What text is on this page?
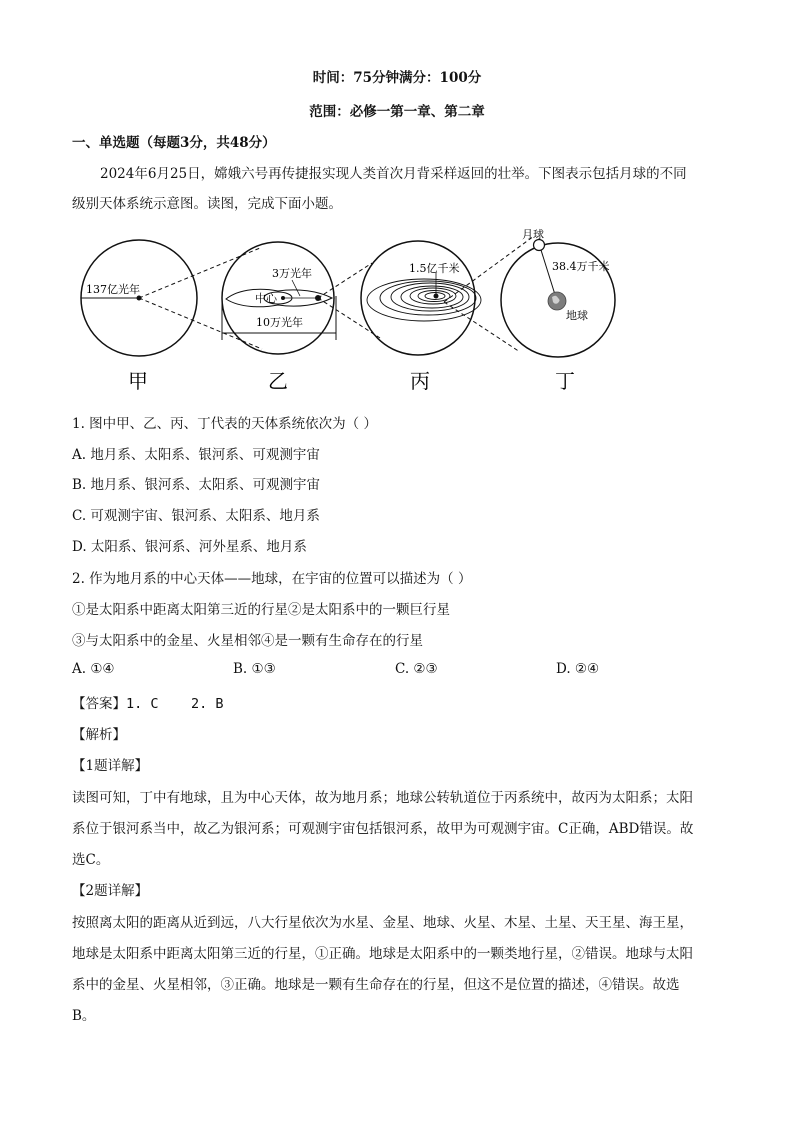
时间：75分钟满分：100分
范围：必修一第一章、第二章
一、单选题（每题3分，共48分）
2024年6月25日，嫦娥六号再传捷报实现人类首次月背采样返回的壮举。下图表示包括月球的不同
级别天体系统示意图。读图，完成下面小题。
137亿光年
3万光年
中心
10万光年
1.5亿千米
月球
38.4万千米
地球
甲	乙	丙	丁
1. 图中甲、乙、丙、丁代表的天体系统依次为（ ）
A. 地月系、太阳系、银河系、可观测宇宙
B. 地月系、银河系、太阳系、可观测宇宙
C. 可观测宇宙、银河系、太阳系、地月系
D. 太阳系、银河系、河外星系、地月系
2. 作为地月系的中心天体——地球，在宇宙的位置可以描述为（ ）
①是太阳系中距离太阳第三近的行星②是太阳系中的一颗巨行星
③与太阳系中的金星、火星相邻④是一颗有生命存在的行星
A. ①④	B. ①③	C. ②③	D. ②④
【答案】1. C    2. B
【解析】
【1题详解】
读图可知，丁中有地球，且为中心天体，故为地月系；地球公转轨道位于丙系统中，故丙为太阳系；太阳
系位于银河系当中，故乙为银河系；可观测宇宙包括银河系，故甲为可观测宇宙。C正确，ABD错误。故
选C。
【2题详解】
按照离太阳的距离从近到远，八大行星依次为水星、金星、地球、火星、木星、土星、天王星、海王星，
地球是太阳系中距离太阳第三近的行星，①正确。地球是太阳系中的一颗类地行星，②错误。地球与太阳
系中的金星、火星相邻，③正确。地球是一颗有生命存在的行星，但这不是位置的描述，④错误。故选
B。
